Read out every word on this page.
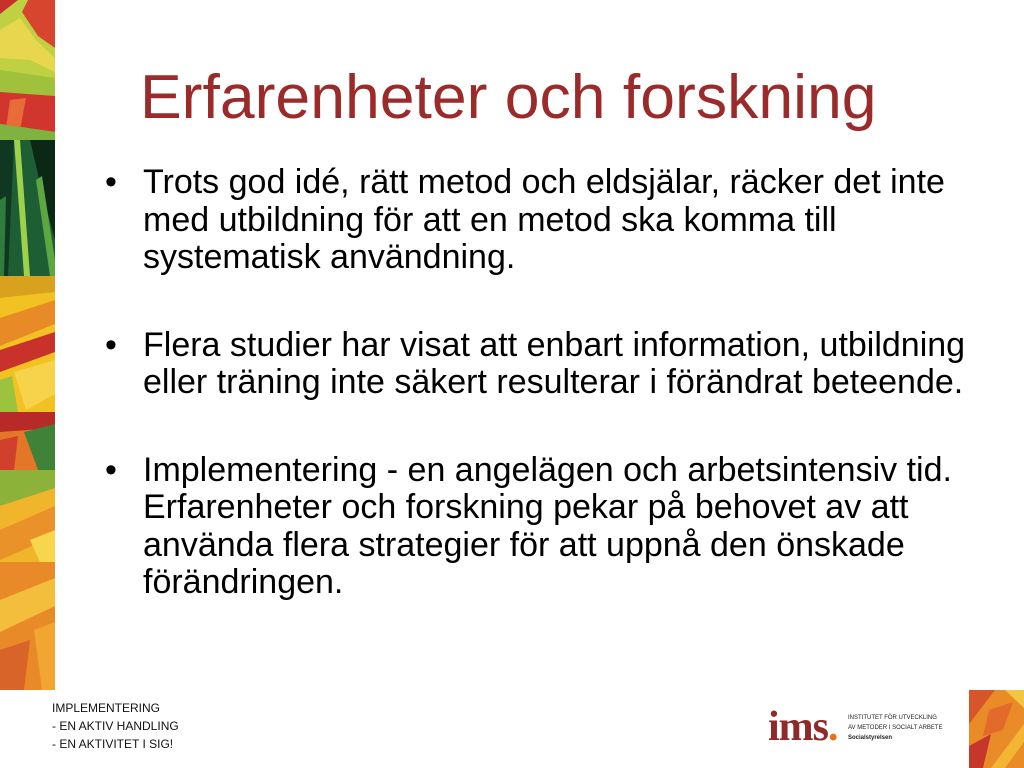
Erfarenheter och forskning
• Trots god idé, rätt metod och eldsjälar, räcker det inte med utbildning för att en metod ska komma till systematisk användning.
• Flera studier har visat att enbart information, utbildning eller träning inte säkert resulterar i förändrat beteende.
• Implementering - en angelägen och arbetsintensiv tid. Erfarenheter och forskning pekar på behovet av att använda flera strategier för att uppnå den önskade förändringen.
IMPLEMENTERING
- EN AKTIV HANDLING
- EN AKTIVITET I SIG!	ims. INSTITUTET FÖR UTVECKLING
AV METODER I SOCIALT ARBETE
Socialstyrelsen
